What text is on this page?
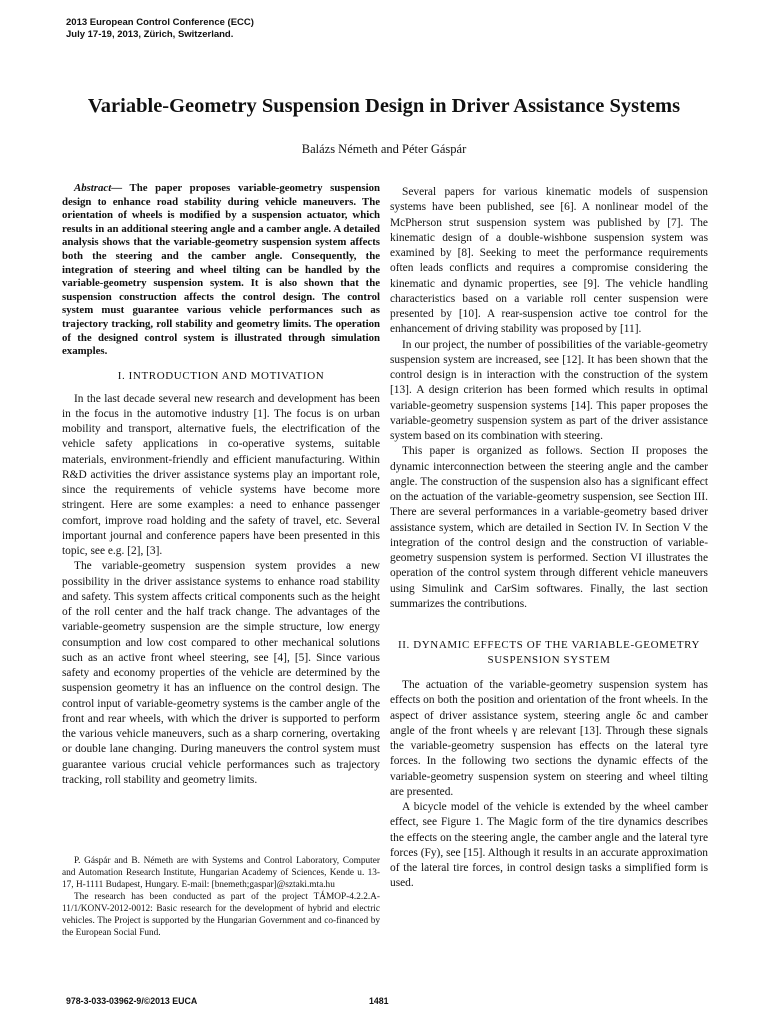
2013 European Control Conference (ECC)
July 17-19, 2013, Zürich, Switzerland.
Variable-Geometry Suspension Design in Driver Assistance Systems
Balázs Németh and Péter Gáspár

Abstract— The paper proposes variable-geometry suspension design to enhance road stability during vehicle maneuvers. The orientation of wheels is modified by a suspension actuator, which results in an additional steering angle and a camber angle. A detailed analysis shows that the variable-geometry suspension system affects both the steering and the camber angle. Consequently, the integration of steering and wheel tilting can be handled by the variable-geometry suspension system. It is also shown that the suspension construction affects the control design. The control system must guarantee various vehicle performances such as trajectory tracking, roll stability and geometry limits. The operation of the designed control system is illustrated through simulation examples.

I. INTRODUCTION AND MOTIVATION

In the last decade several new research and development has been in the focus in the automotive industry [1]. The focus is on urban mobility and transport, alternative fuels, the electrification of the vehicle safety applications in co-operative systems, suitable materials, environment-friendly and efficient manufacturing. Within R&D activities the driver assistance systems play an important role, since the requirements of vehicle systems have become more stringent. Here are some examples: a need to enhance passenger comfort, improve road holding and the safety of travel, etc. Several important journal and conference papers have been presented in this topic, see e.g. [2], [3].

The variable-geometry suspension system provides a new possibility in the driver assistance systems to enhance road stability and safety. This system affects critical components such as the height of the roll center and the half track change. The advantages of the variable-geometry suspension are the simple structure, low energy consumption and low cost compared to other mechanical solutions such as an active front wheel steering, see [4], [5]. Since various safety and economy properties of the vehicle are determined by the suspension geometry it has an influence on the control design. The control input of variable-geometry systems is the camber angle of the front and rear wheels, with which the driver is supported to perform the various vehicle maneuvers, such as a sharp cornering, overtaking or double lane changing. During maneuvers the control system must guarantee various crucial vehicle performances such as trajectory tracking, roll stability and geometry limits.

P. Gáspár and B. Németh are with Systems and Control Laboratory, Computer and Automation Research Institute, Hungarian Academy of Sciences, Kende u. 13-17, H-1111 Budapest, Hungary. E-mail: [bnemeth;gaspar]@sztaki.mta.hu

The research has been conducted as part of the project TÁMOP-4.2.2.A-11/1/KONV-2012-0012: Basic research for the development of hybrid and electric vehicles. The Project is supported by the Hungarian Government and co-financed by the European Social Fund.

Several papers for various kinematic models of suspension systems have been published, see [6]. A nonlinear model of the McPherson strut suspension system was published by [7]. The kinematic design of a double-wishbone suspension system was examined by [8]. Seeking to meet the performance requirements often leads conflicts and requires a compromise considering the kinematic and dynamic properties, see [9]. The vehicle handling characteristics based on a variable roll center suspension were presented by [10]. A rear-suspension active toe control for the enhancement of driving stability was proposed by [11].

In our project, the number of possibilities of the variable-geometry suspension system are increased, see [12]. It has been shown that the control design is in interaction with the construction of the system [13]. A design criterion has been formed which results in optimal variable-geometry suspension systems [14]. This paper proposes the variable-geometry suspension system as part of the driver assistance system based on its combination with steering.

This paper is organized as follows. Section II proposes the dynamic interconnection between the steering angle and the camber angle. The construction of the suspension also has a significant effect on the actuation of the variable-geometry suspension, see Section III. There are several performances in a variable-geometry based driver assistance system, which are detailed in Section IV. In Section V the integration of the control design and the construction of variable-geometry suspension system is performed. Section VI illustrates the operation of the control system through different vehicle maneuvers using Simulink and CarSim softwares. Finally, the last section summarizes the contributions.

II. DYNAMIC EFFECTS OF THE VARIABLE-GEOMETRY
SUSPENSION SYSTEM

The actuation of the variable-geometry suspension system has effects on both the position and orientation of the front wheels. In the aspect of driver assistance system, steering angle δc and camber angle of the front wheels γ are relevant [13]. Through these signals the variable-geometry suspension has effects on the lateral tyre forces. In the following two sections the dynamic effects of the variable-geometry suspension system on steering and wheel tilting are presented.

A bicycle model of the vehicle is extended by the wheel camber effect, see Figure 1. The Magic form of the tire dynamics describes the effects on the steering angle, the camber angle and the lateral tyre forces (Fy), see [15]. Although it results in an accurate approximation of the lateral tire forces, in control design tasks a simplified form is used.

978-3-033-03962-9/©2013 EUCA	1481
